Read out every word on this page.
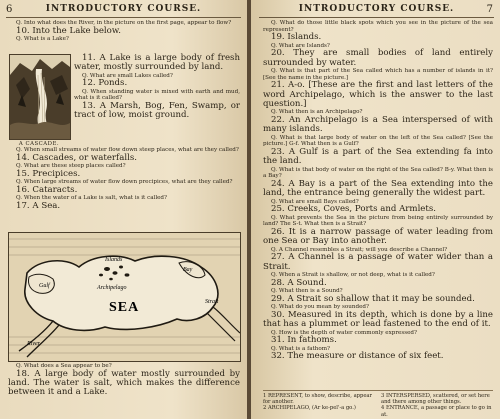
6	INTRODUCTORY COURSE.

Q. Into what does the River, in the picture on the first page, appear to flow?

10. Into the Lake below.

Q. What is a Lake?

11. A Lake is a large body of fresh water, mostly surrounded by land.

Q. What are small Lakes called?

12. Ponds.

Q. When standing water is mixed with earth and mud, what is it called?

13. A Marsh, Bog, Fen, Swamp, or tract of low, moist ground.

A CASCADE.

Q. When small streams of water flow down steep places, what are they called?

14. Cascades, or waterfalls.

Q. What are these steep places called?

15. Precipices.

Q. When large streams of water flow down precipices, what are they called?

16. Cataracts.

Q. When the water of a Lake is salt, what is it called?

17. A Sea.

Gulf
Islands
Bay
Archipelago
SEA	Strait
River

Q. What does a Sea appear to be?

18. A large body of water mostly surrounded by land. The water is salt, which makes the difference between it and a Lake.

INTRODUCTORY COURSE.	7

Q. What do those little black spots which you see in the picture of the sea represent?

19. Islands.

Q. What are Islands?

20. They are small bodies of land entirely surrounded by water.

Q. What is that part of the Sea called which has a number of islands in it? [See the name in the picture.]

21. A-o. [These are the first and last letters of the word Archipelago, which is the answer to the last question.]

Q. What then is an Archipelago?

22. An Archipelago is a Sea interspersed of with many islands.

Q. What is that large body of water on the left of the Sea called? [See the picture.] G-f. What then is a Gulf?

23. A Gulf is a part of the Sea extending fa into the land.

Q. What is that body of water on the right of the Sea called? B-y. What then is a Bay?

24. A Bay is a part of the Sea extending into the land, the entrance being generally the widest part.

Q. What are small Bays called?

25. Creeks, Coves, Ports and Armlets.

Q. What prevents the Sea in the picture from being entirely surrounded by land? The S-t. What then is a Strait?

26. It is a narrow passage of water leading from one Sea or Bay into another.

Q. A Channel resembles a Strait; will you describe a Channel?

27. A Channel is a passage of water wider than a Strait.

Q. When a Strait is shallow, or not deep, what is it called?

28. A Sound.

Q. What then is a Sound?

29. A Strait so shallow that it may be sounded.

Q. What do you mean by sounded?

30. Measured in its depth, which is done by a line that has a plummet or lead fastened to the end of it.

Q. How is the depth of water commonly expressed?

31. In fathoms.

Q. What is a fathom?

32. The measure or distance of six feet.

1 REPRESENT, to show, describe, appear for another.
2 ARCHIPELAGO, (Ar ke-pel'-a go.)
3 INTERSPERSED, scattered, or set here and there among other things.
4 ENTRANCE, a passage or place to go in at.
